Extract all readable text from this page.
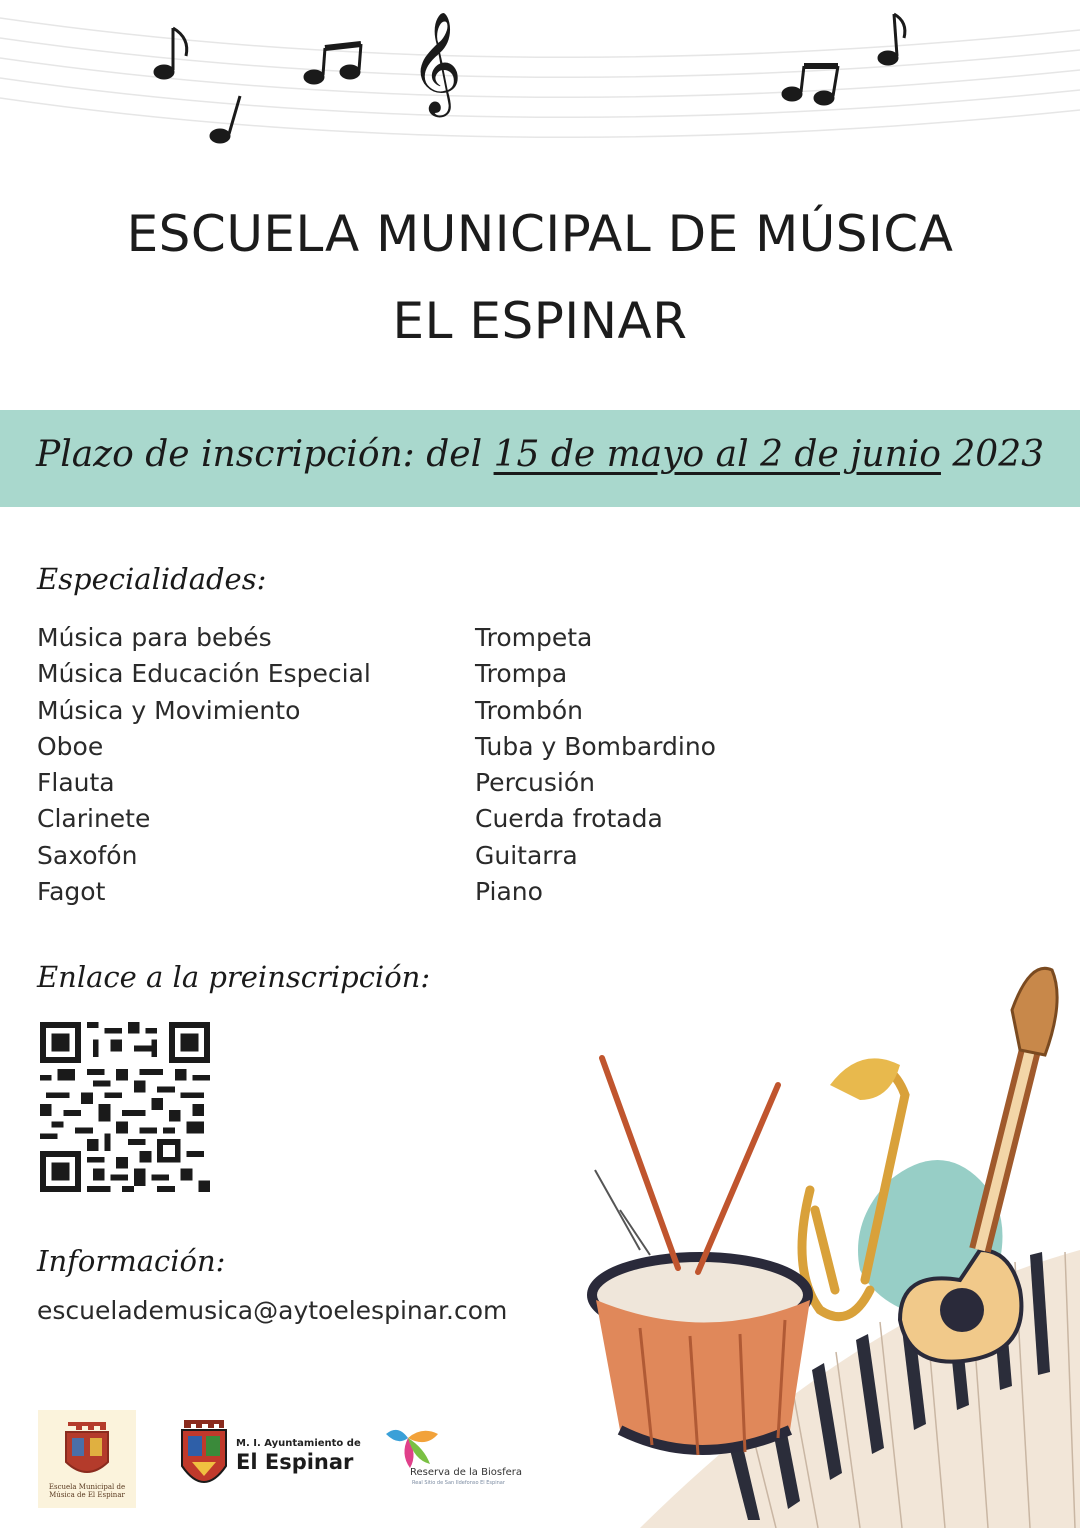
𝄞
ESCUELA MUNICIPAL DE MÚSICA
EL ESPINAR
Plazo de inscripción: del 15 de mayo al 2 de junio 2023
Especialidades:
Música para bebés
Música Educación Especial
Música y Movimiento
Oboe
Flauta
Clarinete
Saxofón
Fagot
Trompeta
Trompa
Trombón
Tuba y Bombardino
Percusión
Cuerda frotada
Guitarra
Piano
Enlace a la preinscripción:
Información:
escuelademusica@aytoelespinar.com
Escuela Municipal de Música de El Espinar
M. I. Ayuntamiento de
El Espinar	Reserva de la Biosfera
Real Sitio de San Ildefonso El Espinar
